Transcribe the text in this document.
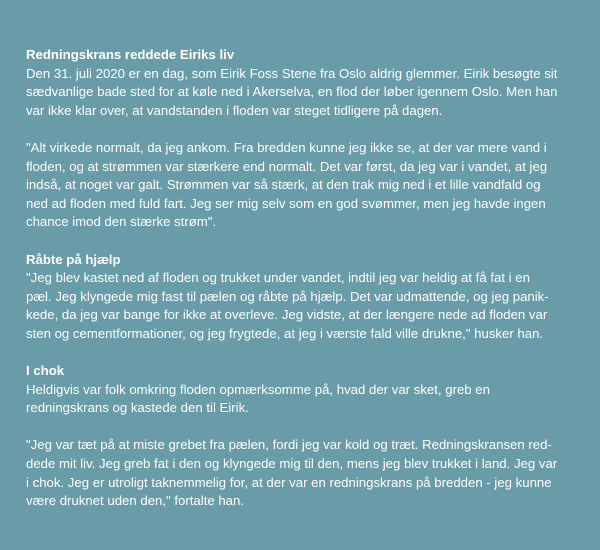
Redningskrans reddede Eiriks liv
Den 31. juli 2020 er en dag, som Eirik Foss Stene fra Oslo aldrig glemmer. Eirik besøgte sit
sædvanlige bade sted for at køle ned i Akerselva, en flod der løber igennem Oslo. Men han
var ikke klar over, at vandstanden i floden var steget tidligere på dagen.
"Alt virkede normalt, da jeg ankom. Fra bredden kunne jeg ikke se, at der var mere vand i
floden, og at strømmen var stærkere end normalt. Det var først, da jeg var i vandet, at jeg
indså, at noget var galt. Strømmen var så stærk, at den trak mig ned i et lille vandfald og
ned ad floden med fuld fart. Jeg ser mig selv som en god svømmer, men jeg havde ingen
chance imod den stærke strøm".
Råbte på hjælp
"Jeg blev kastet ned af floden og trukket under vandet, indtil jeg var heldig at få fat i en
pæl. Jeg klyngede mig fast til pælen og råbte på hjælp. Det var udmattende, og jeg panik-
kede, da jeg var bange for ikke at overleve. Jeg vidste, at der længere nede ad floden var
sten og cementformationer, og jeg frygtede, at jeg i værste fald ville drukne," husker han.
I chok
Heldigvis var folk omkring floden opmærksomme på, hvad der var sket, greb en
redningskrans og kastede den til Eirik.
"Jeg var tæt på at miste grebet fra pælen, fordi jeg var kold og træt. Redningskransen red-
dede mit liv. Jeg greb fat i den og klyngede mig til den, mens jeg blev trukket i land. Jeg var
i chok. Jeg er utroligt taknemmelig for, at der var en redningskrans på bredden - jeg kunne
være druknet uden den," fortalte han.
